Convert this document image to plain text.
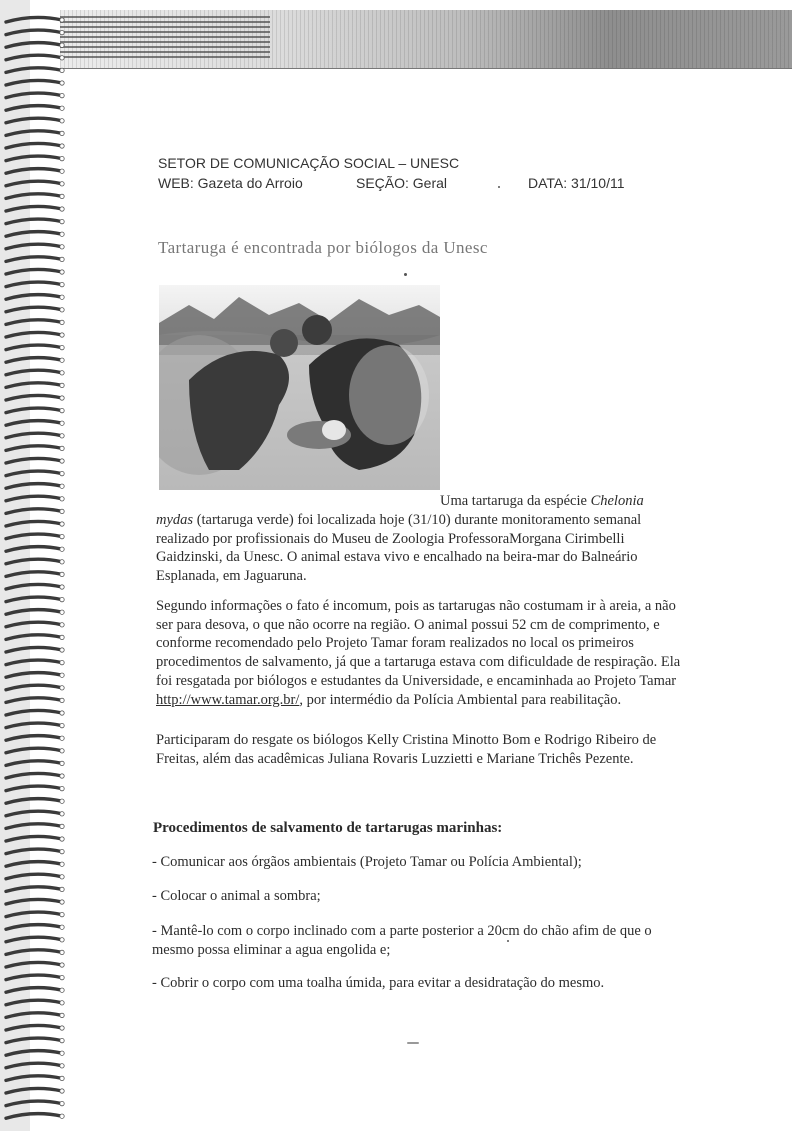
SETOR DE COMUNICAÇÃO SOCIAL – UNESC
WEB: Gazeta do Arroio	SEÇÃO: Geral	DATA: 31/10/11
Tartaruga é encontrada por biólogos da Unesc
Uma tartaruga da espécie Chelonia
mydas (tartaruga verde) foi localizada hoje (31/10) durante monitoramento semanal realizado por profissionais do Museu de Zoologia ProfessoraMorgana Cirimbelli Gaidzinski, da Unesc. O animal estava vivo e encalhado na beira-mar do Balneário Esplanada, em Jaguaruna.
Segundo informações o fato é incomum, pois as tartarugas não costumam ir à areia, a não ser para desova, o que não ocorre na região. O animal possui 52 cm de comprimento, e conforme recomendado pelo Projeto Tamar foram realizados no local os primeiros procedimentos de salvamento, já que a tartaruga estava com dificuldade de respiração. Ela foi resgatada por biólogos e estudantes da Universidade, e encaminhada ao Projeto Tamar http://www.tamar.org.br/, por intermédio da Polícia Ambiental para reabilitação.
Participaram do resgate os biólogos Kelly Cristina Minotto Bom e Rodrigo Ribeiro de Freitas, além das acadêmicas Juliana Rovaris Luzzietti e Mariane Trichês Pezente.
Procedimentos de salvamento de tartarugas marinhas:
- Comunicar aos órgãos ambientais (Projeto Tamar ou Polícia Ambiental);
- Colocar o animal a sombra;
- Mantê-lo com o corpo inclinado com a parte posterior a 20cm do chão afim de que o mesmo possa eliminar a agua engolida e;
- Cobrir o corpo com uma toalha úmida, para evitar a desidratação do mesmo.
